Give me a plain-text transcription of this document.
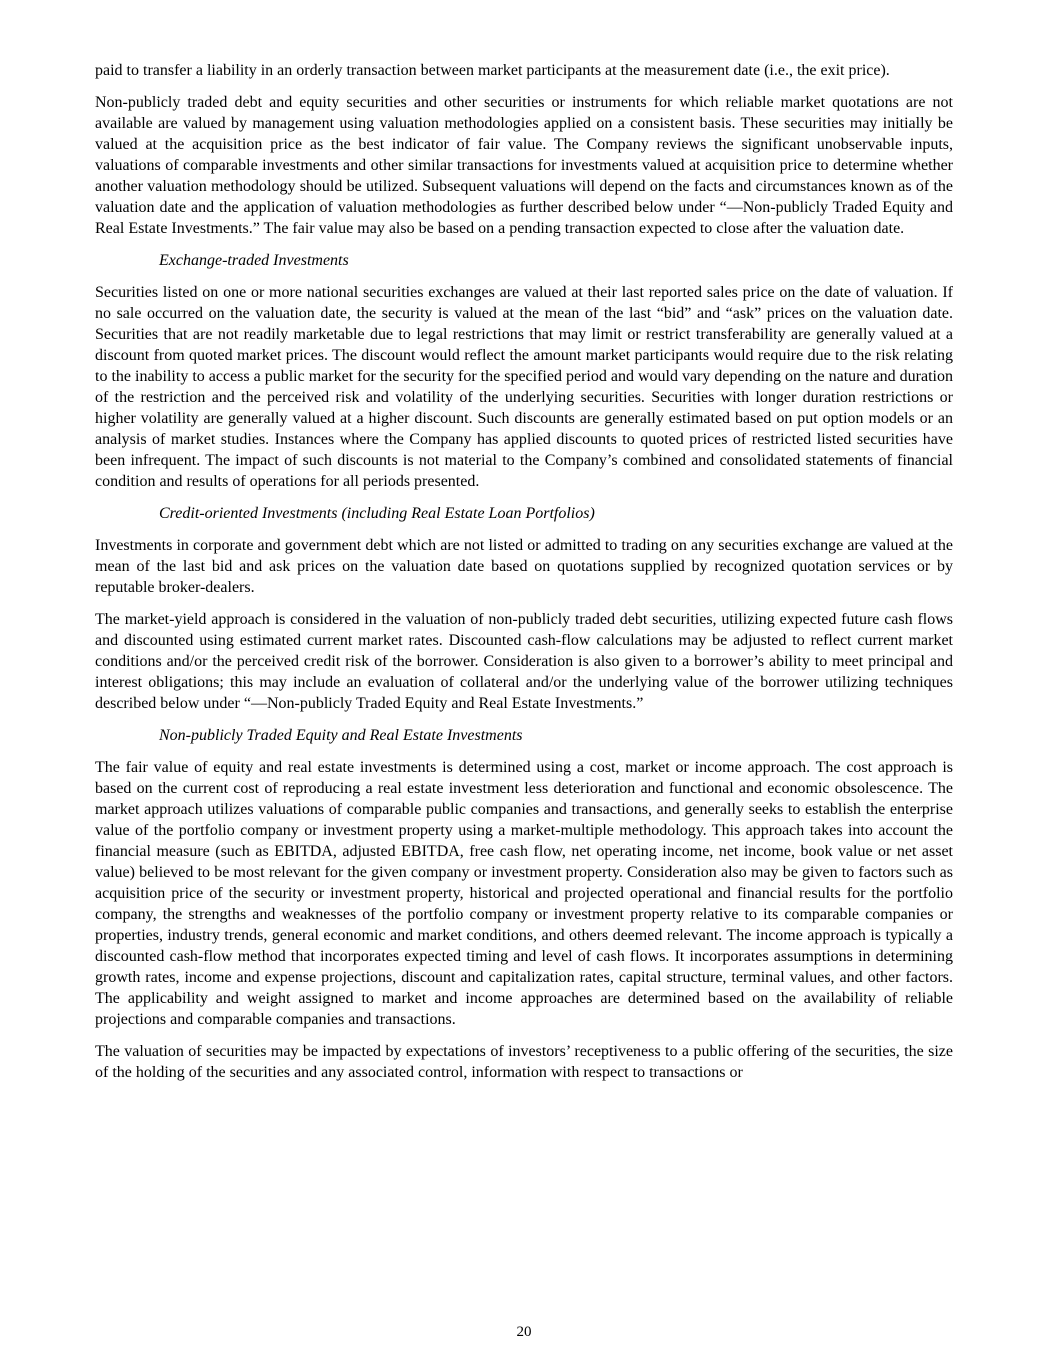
paid to transfer a liability in an orderly transaction between market participants at the measurement date (i.e., the exit price).

Non-publicly traded debt and equity securities and other securities or instruments for which reliable market quotations are not available are valued by management using valuation methodologies applied on a consistent basis. These securities may initially be valued at the acquisition price as the best indicator of fair value. The Company reviews the significant unobservable inputs, valuations of comparable investments and other similar transactions for investments valued at acquisition price to determine whether another valuation methodology should be utilized. Subsequent valuations will depend on the facts and circumstances known as of the valuation date and the application of valuation methodologies as further described below under “—Non-publicly Traded Equity and Real Estate Investments.” The fair value may also be based on a pending transaction expected to close after the valuation date.

Exchange-traded Investments

Securities listed on one or more national securities exchanges are valued at their last reported sales price on the date of valuation. If no sale occurred on the valuation date, the security is valued at the mean of the last “bid” and “ask” prices on the valuation date. Securities that are not readily marketable due to legal restrictions that may limit or restrict transferability are generally valued at a discount from quoted market prices. The discount would reflect the amount market participants would require due to the risk relating to the inability to access a public market for the security for the specified period and would vary depending on the nature and duration of the restriction and the perceived risk and volatility of the underlying securities. Securities with longer duration restrictions or higher volatility are generally valued at a higher discount. Such discounts are generally estimated based on put option models or an analysis of market studies. Instances where the Company has applied discounts to quoted prices of restricted listed securities have been infrequent. The impact of such discounts is not material to the Company’s combined and consolidated statements of financial condition and results of operations for all periods presented.

Credit-oriented Investments (including Real Estate Loan Portfolios)

Investments in corporate and government debt which are not listed or admitted to trading on any securities exchange are valued at the mean of the last bid and ask prices on the valuation date based on quotations supplied by recognized quotation services or by reputable broker-dealers.

The market-yield approach is considered in the valuation of non-publicly traded debt securities, utilizing expected future cash flows and discounted using estimated current market rates. Discounted cash-flow calculations may be adjusted to reflect current market conditions and/or the perceived credit risk of the borrower. Consideration is also given to a borrower’s ability to meet principal and interest obligations; this may include an evaluation of collateral and/or the underlying value of the borrower utilizing techniques described below under “—Non-publicly Traded Equity and Real Estate Investments.”

Non-publicly Traded Equity and Real Estate Investments

The fair value of equity and real estate investments is determined using a cost, market or income approach. The cost approach is based on the current cost of reproducing a real estate investment less deterioration and functional and economic obsolescence. The market approach utilizes valuations of comparable public companies and transactions, and generally seeks to establish the enterprise value of the portfolio company or investment property using a market-multiple methodology. This approach takes into account the financial measure (such as EBITDA, adjusted EBITDA, free cash flow, net operating income, net income, book value or net asset value) believed to be most relevant for the given company or investment property. Consideration also may be given to factors such as acquisition price of the security or investment property, historical and projected operational and financial results for the portfolio company, the strengths and weaknesses of the portfolio company or investment property relative to its comparable companies or properties, industry trends, general economic and market conditions, and others deemed relevant. The income approach is typically a discounted cash-flow method that incorporates expected timing and level of cash flows. It incorporates assumptions in determining growth rates, income and expense projections, discount and capitalization rates, capital structure, terminal values, and other factors. The applicability and weight assigned to market and income approaches are determined based on the availability of reliable projections and comparable companies and transactions.

The valuation of securities may be impacted by expectations of investors’ receptiveness to a public offering of the securities, the size of the holding of the securities and any associated control, information with respect to transactions or

20
